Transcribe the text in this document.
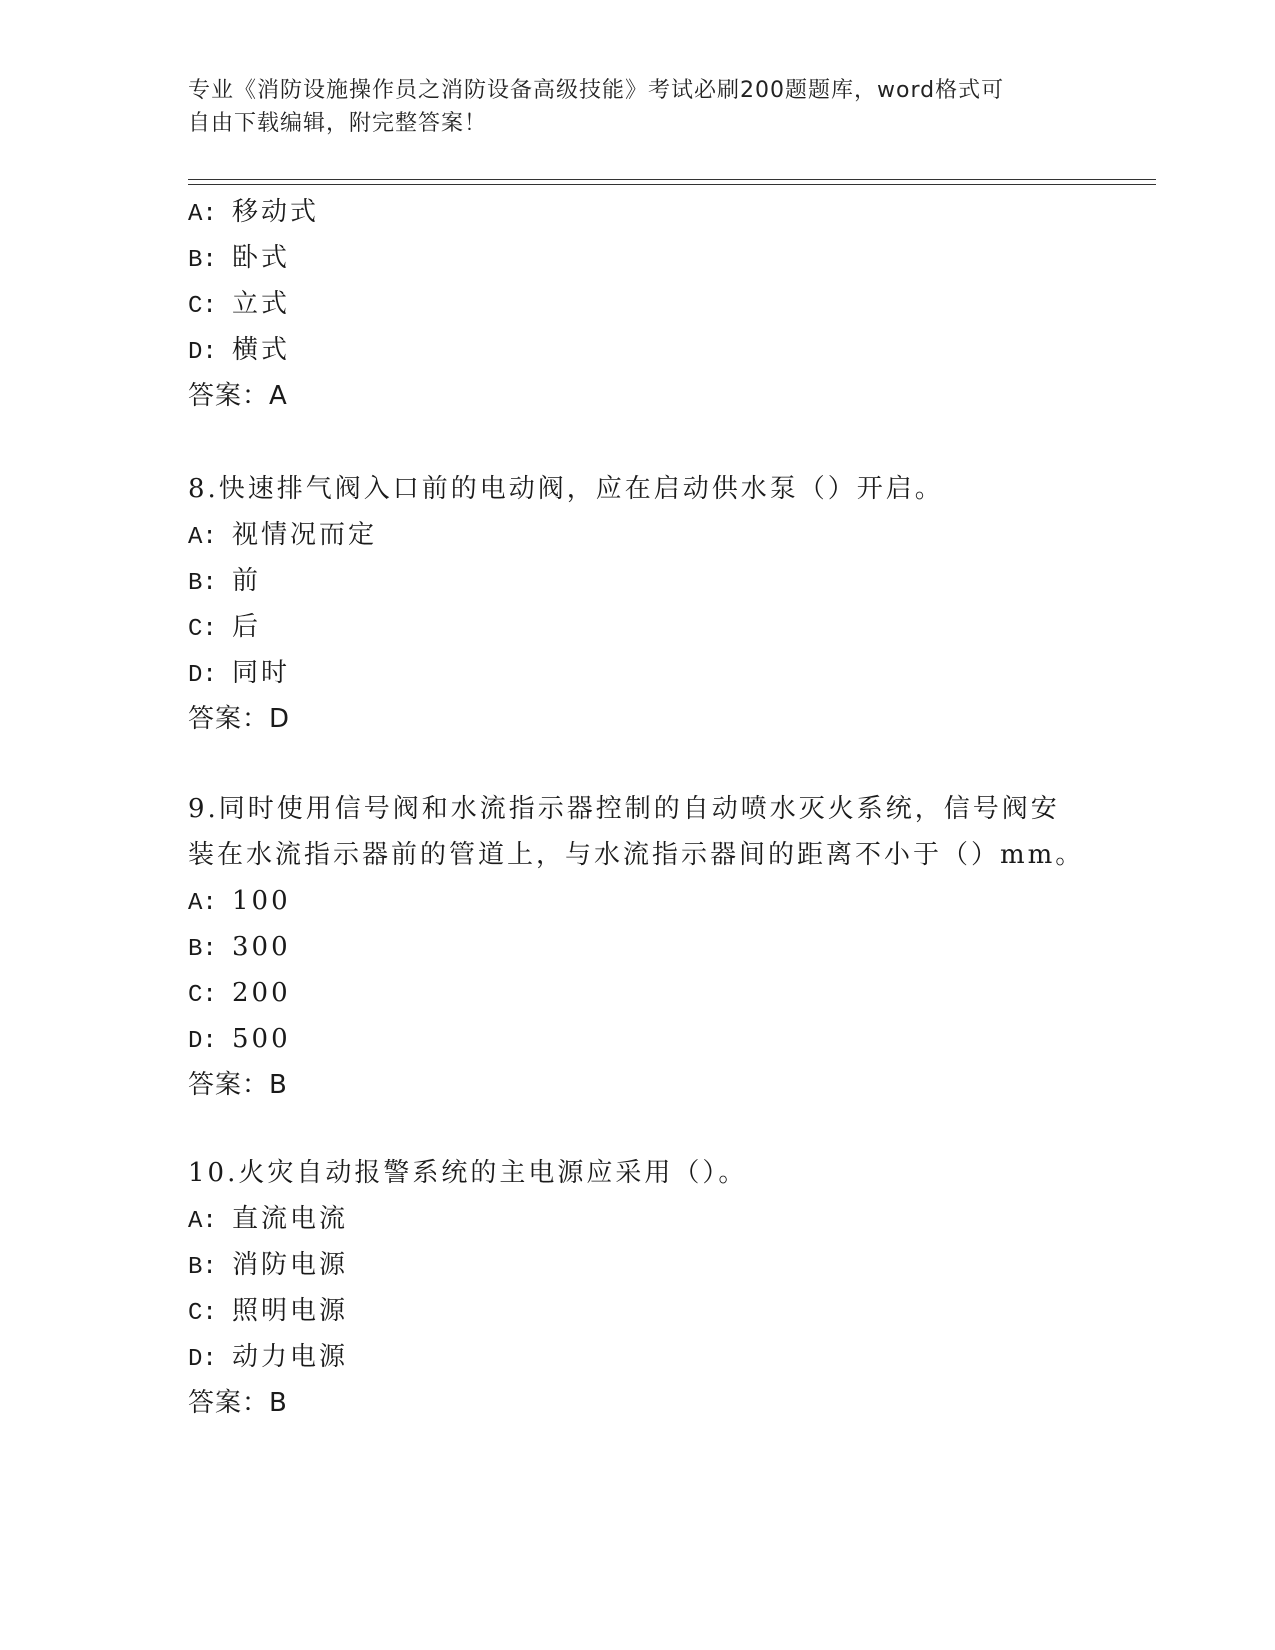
专业《消防设施操作员之消防设备高级技能》考试必刷200题题库，word格式可
自由下载编辑，附完整答案！
A: 移动式
B: 卧式
C: 立式
D: 横式
答案：A
8.快速排气阀入口前的电动阀，应在启动供水泵（）开启。
A: 视情况而定
B: 前
C: 后
D: 同时
答案：D
9.同时使用信号阀和水流指示器控制的自动喷水灭火系统，信号阀安
装在水流指示器前的管道上，与水流指示器间的距离不小于（）mm。
A: 100
B: 300
C: 200
D: 500
答案：B
10.火灾自动报警系统的主电源应采用（）。
A: 直流电流
B: 消防电源
C: 照明电源
D: 动力电源
答案：B
